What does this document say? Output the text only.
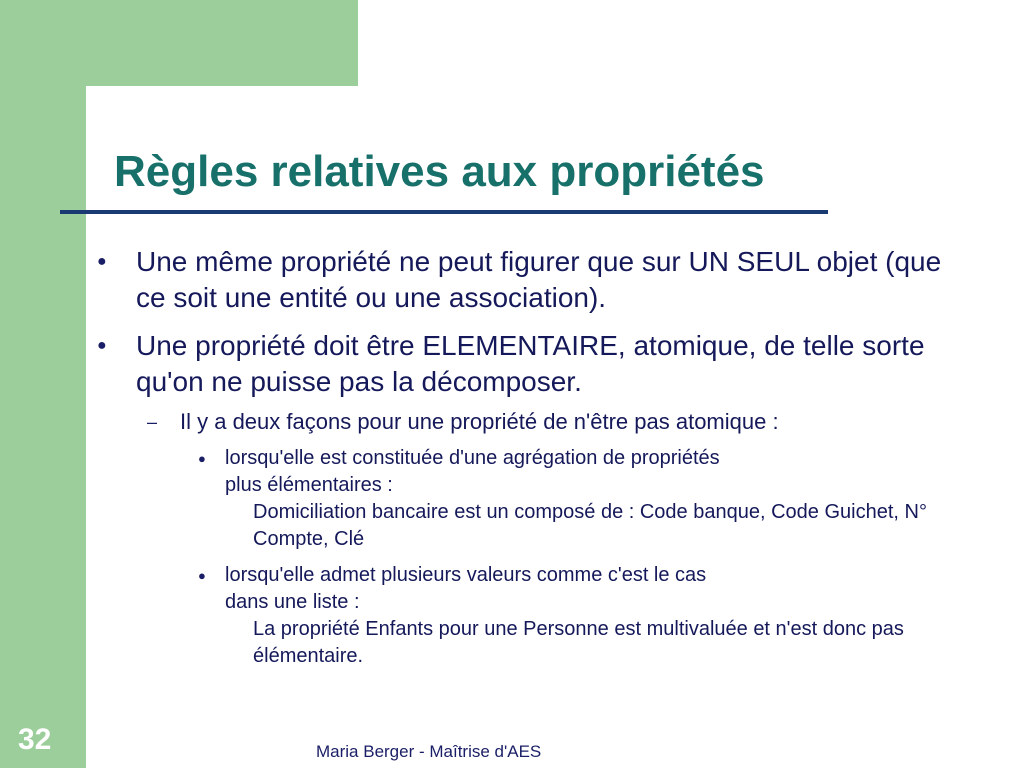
Règles relatives aux propriétés
● Une même propriété ne peut figurer que sur UN SEUL objet (que ce soit une entité ou une association).

● Une propriété doit être ELEMENTAIRE, atomique, de telle sorte qu'on ne puisse pas la décomposer.

– Il y a deux façons pour une propriété de n'être pas atomique :

● lorsqu'elle est constituée d'une agrégation de propriétés plus élémentaires :
Domiciliation bancaire est un composé de : Code banque, Code Guichet, N° Compte, Clé
● lorsqu'elle admet plusieurs valeurs comme c'est le cas dans une liste :
La propriété Enfants pour une Personne est multivaluée et n'est donc pas élémentaire.

32	Maria Berger - Maîtrise d'AES
